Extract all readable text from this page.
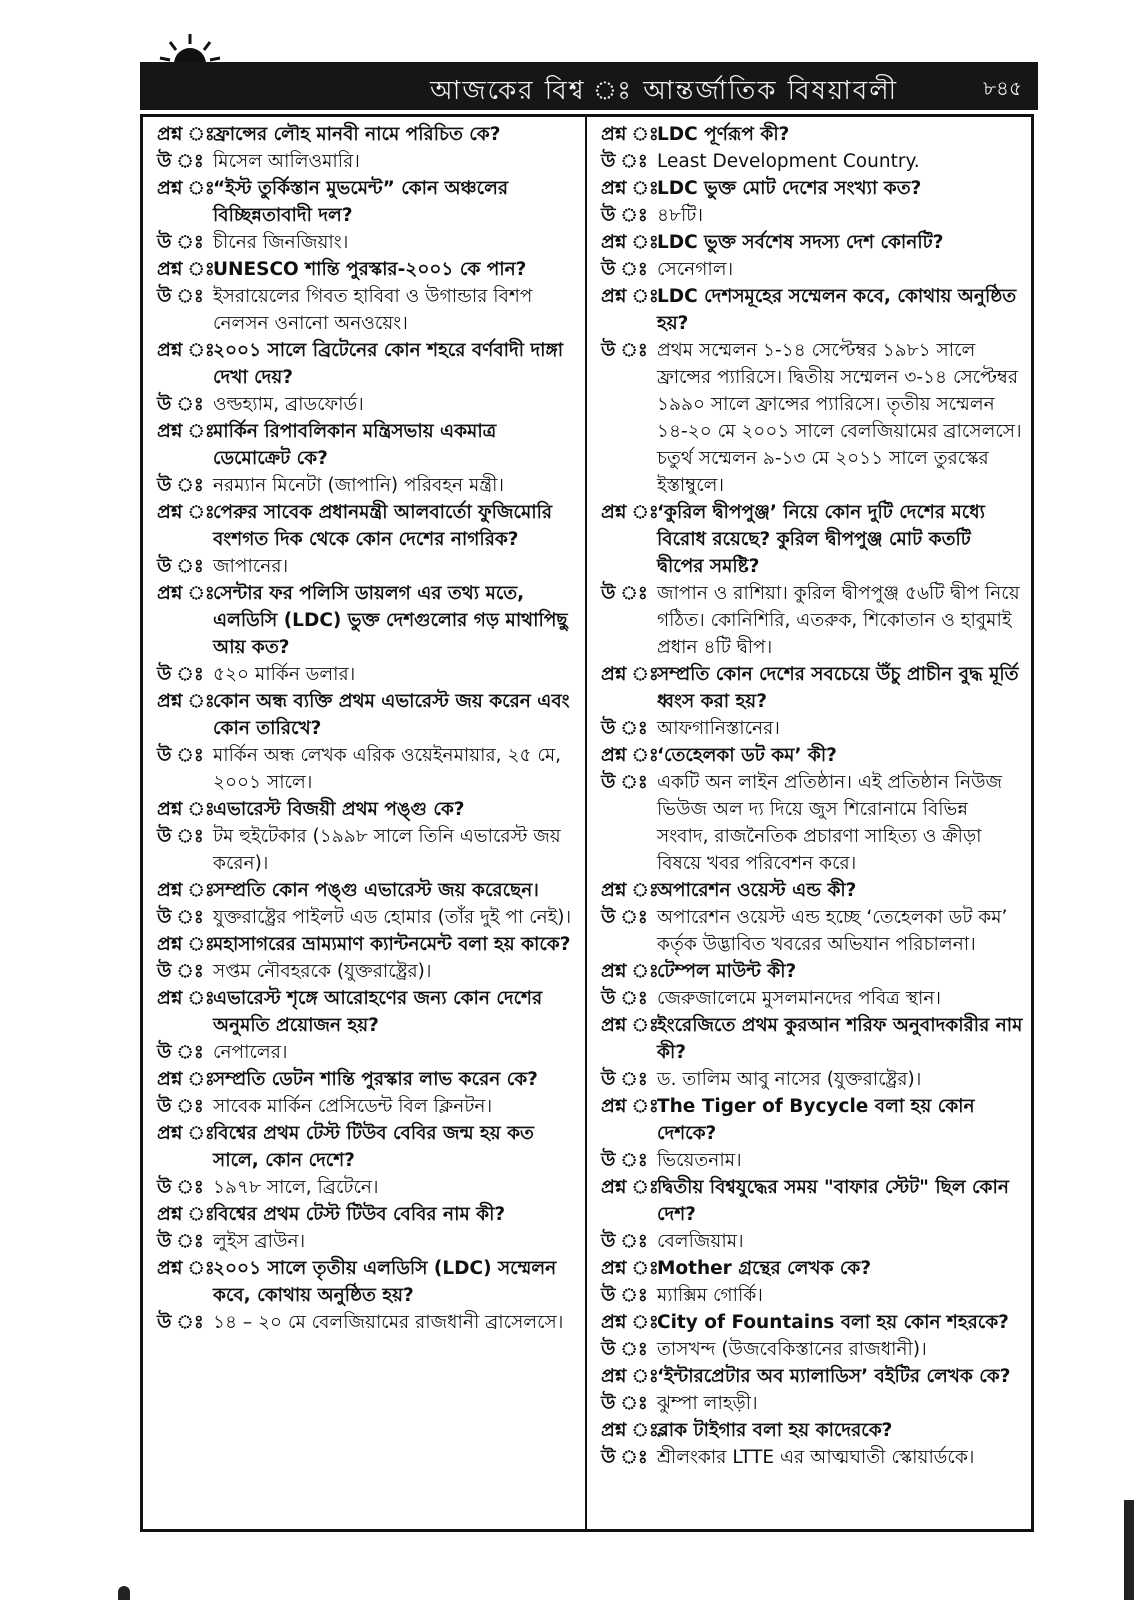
আজকের বিশ্ব ঃ আন্তর্জাতিক বিষয়াবলী	৮৪৫
প্রশ্ন ঃ
ফ্রান্সের লৌহ মানবী নামে পরিচিত কে?
উ ঃ মিসেল আলিওমারি।
প্রশ্ন ঃ
“ইস্ট তুর্কিস্তান মুভমেন্ট” কোন অঞ্চলের বিচ্ছিন্নতাবাদী দল?
উ ঃ চীনের জিনজিয়াং।
প্রশ্ন ঃ
UNESCO শান্তি পুরস্কার-২০০১ কে পান?
উ ঃ ইসরায়েলের গিবত হাবিবা ও উগান্ডার বিশপ নেলসন ওনানো অনওয়েং।
প্রশ্ন ঃ
২০০১ সালে ব্রিটেনের কোন শহরে বর্ণবাদী দাঙ্গা দেখা দেয়?
উ ঃ ওল্ডহ্যাম, ব্রাডফোর্ড।
প্রশ্ন ঃ
মার্কিন রিপাবলিকান মন্ত্রিসভায় একমাত্র ডেমোক্রেট কে?
উ ঃ নরম্যান মিনেটা (জাপানি) পরিবহন মন্ত্রী।
প্রশ্ন ঃ
পেরুর সাবেক প্রধানমন্ত্রী আলবার্তো ফুজিমোরি বংশগত দিক থেকে কোন দেশের নাগরিক?
উ ঃ জাপানের।
প্রশ্ন ঃ
সেন্টার ফর পলিসি ডায়লগ এর তথ্য মতে, এলডিসি (LDC) ভুক্ত দেশগুলোর গড় মাথাপিছু আয় কত?
উ ঃ ৫২০ মার্কিন ডলার।
প্রশ্ন ঃ
কোন অন্ধ ব্যক্তি প্রথম এভারেস্ট জয় করেন এবং কোন তারিখে?
উ ঃ মার্কিন অন্ধ লেখক এরিক ওয়েইনমায়ার, ২৫ মে, ২০০১ সালে।
প্রশ্ন ঃ
এভারেস্ট বিজয়ী প্রথম পঙ্গু কে?
উ ঃ টম হুইটেকার (১৯৯৮ সালে তিনি এভারেস্ট জয় করেন)।
প্রশ্ন ঃ
সম্প্রতি কোন পঙ্গু এভারেস্ট জয় করেছেন।
উ ঃ যুক্তরাষ্ট্রের পাইলট এড হোমার (তাঁর দুই পা নেই)।
প্রশ্ন ঃ
মহাসাগরের ভ্রাম্যমাণ ক্যান্টনমেন্ট বলা হয় কাকে?
উ ঃ সপ্তম নৌবহরকে (যুক্তরাষ্ট্রের)।
প্রশ্ন ঃ
এভারেস্ট শৃঙ্গে আরোহণের জন্য কোন দেশের অনুমতি প্রয়োজন হয়?
উ ঃ নেপালের।
প্রশ্ন ঃ
সম্প্রতি ডেটন শান্তি পুরস্কার লাভ করেন কে?
উ ঃ সাবেক মার্কিন প্রেসিডেন্ট বিল ক্লিনটন।
প্রশ্ন ঃ
বিশ্বের প্রথম টেস্ট টিউব বেবির জন্ম হয় কত সালে, কোন দেশে?
উ ঃ ১৯৭৮ সালে, ব্রিটেনে।
প্রশ্ন ঃ
বিশ্বের প্রথম টেস্ট টিউব বেবির নাম কী?
উ ঃ লুইস ব্রাউন।
প্রশ্ন ঃ
২০০১ সালে তৃতীয় এলডিসি (LDC) সম্মেলন কবে, কোথায় অনুষ্ঠিত হয়?
উ ঃ ১৪ – ২০ মে বেলজিয়ামের রাজধানী ব্রাসেলসে।
প্রশ্ন ঃ
LDC পূর্ণরূপ কী?
উ ঃ Least Development Country.
প্রশ্ন ঃ
LDC ভুক্ত মোট দেশের সংখ্যা কত?
উ ঃ ৪৮টি।
প্রশ্ন ঃ
LDC ভুক্ত সর্বশেষ সদস্য দেশ কোনটি?
উ ঃ সেনেগাল।
প্রশ্ন ঃ
LDC দেশসমূহের সম্মেলন কবে, কোথায় অনুষ্ঠিত হয়?
উ ঃ প্রথম সম্মেলন ১-১৪ সেপ্টেম্বর ১৯৮১ সালে ফ্রান্সের প্যারিসে। দ্বিতীয় সম্মেলন ৩-১৪ সেপ্টেম্বর ১৯৯০ সালে ফ্রান্সের প্যারিসে। তৃতীয় সম্মেলন ১৪-২০ মে ২০০১ সালে বেলজিয়ামের ব্রাসেলসে। চতুর্থ সম্মেলন ৯-১৩ মে ২০১১ সালে তুরস্কের ইস্তাম্বুলে।
প্রশ্ন ঃ
‘কুরিল দ্বীপপুঞ্জ’ নিয়ে কোন দুটি দেশের মধ্যে বিরোধ রয়েছে? কুরিল দ্বীপপুঞ্জ মোট কতটি দ্বীপের সমষ্টি?
উ ঃ জাপান ও রাশিয়া। কুরিল দ্বীপপুঞ্জ ৫৬টি দ্বীপ নিয়ে গঠিত। কোনিশিরি, এতরুক, শিকোতান ও হাবুমাই প্রধান ৪টি দ্বীপ।
প্রশ্ন ঃ
সম্প্রতি কোন দেশের সবচেয়ে উঁচু প্রাচীন বুদ্ধ মূর্তি ধ্বংস করা হয়?
উ ঃ আফগানিস্তানের।
প্রশ্ন ঃ
‘তেহেলকা ডট কম’ কী?
উ ঃ একটি অন লাইন প্রতিষ্ঠান। এই প্রতিষ্ঠান নিউজ ভিউজ অল দ্য দিয়ে জুস শিরোনামে বিভিন্ন সংবাদ, রাজনৈতিক প্রচারণা সাহিত্য ও ক্রীড়া বিষয়ে খবর পরিবেশন করে।
প্রশ্ন ঃ
অপারেশন ওয়েস্ট এন্ড কী?
উ ঃ অপারেশন ওয়েস্ট এন্ড হচ্ছে ‘তেহেলকা ডট কম’ কর্তৃক উদ্ভাবিত খবরের অভিযান পরিচালনা।
প্রশ্ন ঃ
টেম্পল মাউন্ট কী?
উ ঃ জেরুজালেমে মুসলমানদের পবিত্র স্থান।
প্রশ্ন ঃ
ইংরেজিতে প্রথম কুরআন শরিফ অনুবাদকারীর নাম কী?
উ ঃ ড. তালিম আবু নাসের (যুক্তরাষ্ট্রের)।
প্রশ্ন ঃ
The Tiger of Bycycle বলা হয় কোন দেশকে?
উ ঃ ভিয়েতনাম।
প্রশ্ন ঃ
দ্বিতীয় বিশ্বযুদ্ধের সময় "বাফার স্টেট" ছিল কোন দেশ?
উ ঃ বেলজিয়াম।
প্রশ্ন ঃ
Mother গ্রন্থের লেখক কে?
উ ঃ ম্যাক্সিম গোর্কি।
প্রশ্ন ঃ
City of Fountains বলা হয় কোন শহরকে?
উ ঃ তাসখন্দ (উজবেকিস্তানের রাজধানী)।
প্রশ্ন ঃ
‘ইন্টারপ্রেটার অব ম্যালাডিস’ বইটির লেখক কে?
উ ঃ ঝুম্পা লাহড়ী।
প্রশ্ন ঃ
ব্লাক টাইগার বলা হয় কাদেরকে?
উ ঃ শ্রীলংকার LTTE এর আত্মঘাতী স্কোয়ার্ডকে।
